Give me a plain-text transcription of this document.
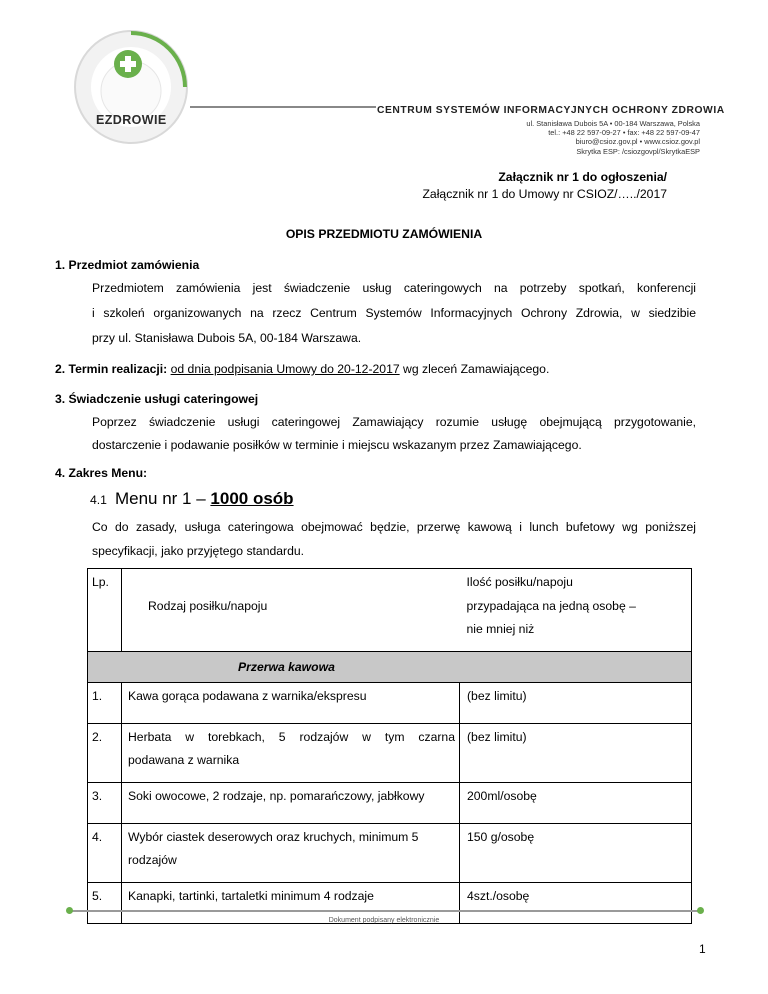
EZDROWIE
CENTRUM SYSTEMÓW INFORMACYJNYCH OCHRONY ZDROWIA
ul. Stanisława Dubois 5A • 00-184 Warszawa, Polska
tel.: +48 22 597-09-27 • fax: +48 22 597-09-47
biuro@csioz.gov.pl • www.csioz.gov.pl
Skrytka ESP: /csiozgovpl/SkrytkaESP
Załącznik nr 1 do ogłoszenia/
Załącznik nr 1 do Umowy nr CSIOZ/…../2017
OPIS PRZEDMIOTU ZAMÓWIENIA
1. Przedmiot zamówienia
Przedmiotem zamówienia jest świadczenie usług cateringowych na potrzeby spotkań, konferencji
i szkoleń organizowanych na rzecz Centrum Systemów Informacyjnych Ochrony Zdrowia, w siedzibie
przy ul. Stanisława Dubois 5A, 00-184 Warszawa.
2. Termin realizacji: od dnia podpisania Umowy do 20-12-2017 wg zleceń Zamawiającego.
3. Świadczenie usługi cateringowej
Poprzez świadczenie usługi cateringowej Zamawiający rozumie usługę obejmującą przygotowanie,
dostarczenie i podawanie posiłków w terminie i miejscu wskazanym przez Zamawiającego.
4. Zakres Menu:
4.1 Menu nr 1 – 1000 osób
Co do zasady, usługa cateringowa obejmować będzie, przerwę kawową i lunch bufetowy wg poniższej
specyfikacji, jako przyjętego standardu.
Lp.	Rodzaj posiłku/napoju	Ilość posiłku/napoju
przypadająca na jedną osobę –
nie mniej niż

Przerwa kawowa		
1.	Kawa gorąca podawana z warnika/ekspresu	(bez limitu)
2.	Herbata w torebkach, 5 rodzajów w tym czarna
podawana z warnika	(bez limitu)
3.	Soki owocowe, 2 rodzaje, np. pomarańczowy, jabłkowy	200ml/osobę
4.	Wybór ciastek deserowych oraz kruchych, minimum 5
rodzajów	150 g/osobę
5.	Kanapki, tartinki, tartaletki minimum 4 rodzaje	4szt./osobę
Dokument podpisany elektronicznie
1
